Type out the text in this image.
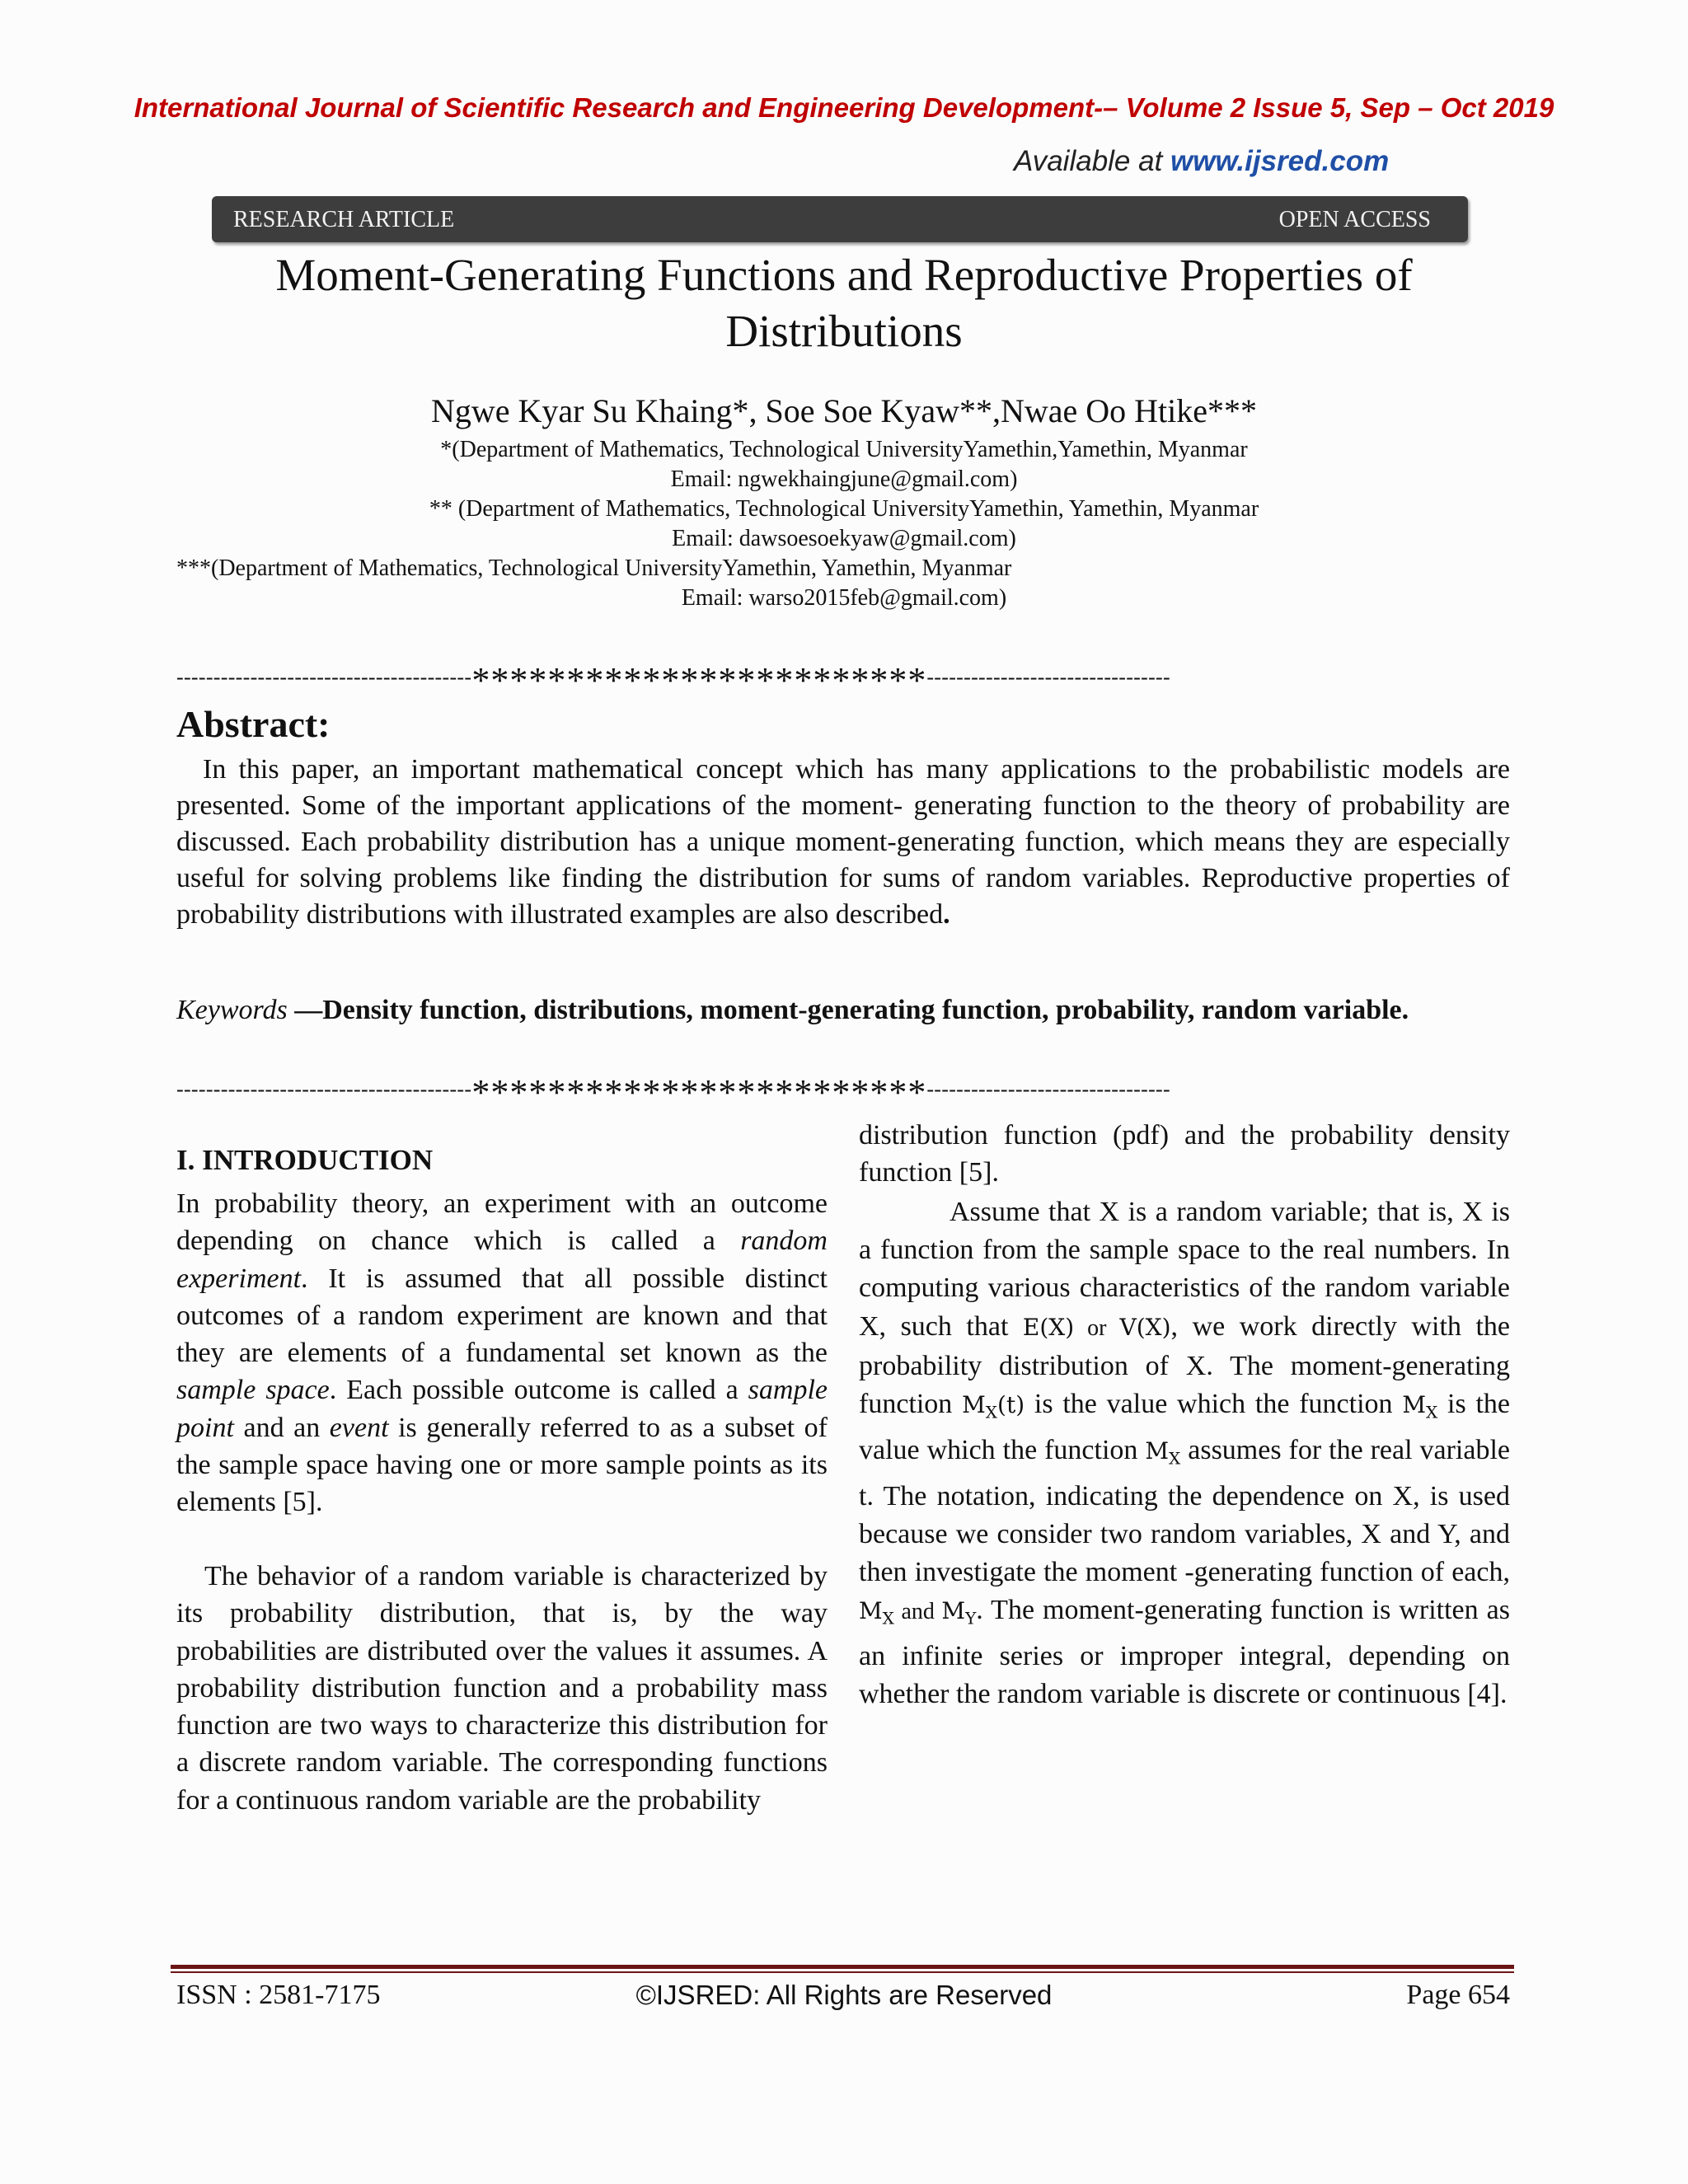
International Journal of Scientific Research and Engineering Development-– Volume 2 Issue 5, Sep – Oct 2019
Available at www.ijsred.com
RESEARCH ARTICLE	OPEN ACCESS
Moment-Generating Functions and Reproductive Properties of Distributions
Ngwe Kyar Su Khaing*, Soe Soe Kyaw**,Nwae Oo Htike***
*(Department of Mathematics, Technological UniversityYamethin,Yamethin, Myanmar
Email: ngwekhaingjune@gmail.com)
** (Department of Mathematics, Technological UniversityYamethin, Yamethin, Myanmar
Email: dawsoesoekyaw@gmail.com)
***(Department of Mathematics, Technological UniversityYamethin, Yamethin, Myanmar
Email: warso2015feb@gmail.com)
----------------------------------------************************---------------------------------
Abstract:
In this paper, an important mathematical concept which has many applications to the probabilistic models are presented. Some of the important applications of the moment- generating function to the theory of probability are discussed. Each probability distribution has a unique moment-generating function, which means they are especially useful for solving problems like finding the distribution for sums of random variables. Reproductive properties of probability distributions with illustrated examples are also described.
Keywords —Density function, distributions, moment-generating function, probability, random variable.
----------------------------------------************************---------------------------------
I. INTRODUCTION
In probability theory, an experiment with an outcome depending on chance which is called a random experiment. It is assumed that all possible distinct outcomes of a random experiment are known and that they are elements of a fundamental set known as the sample space. Each possible outcome is called a sample point and an event is generally referred to as a subset of the sample space having one or more sample points as its elements [5].
The behavior of a random variable is characterized by its probability distribution, that is, by the way probabilities are distributed over the values it assumes. A probability distribution function and a probability mass function are two ways to characterize this distribution for a discrete random variable. The corresponding functions for a continuous random variable are the probability
distribution function (pdf) and the probability density function [5].
Assume that X is a random variable; that is, X is a function from the sample space to the real numbers. In computing various characteristics of the random variable X, such that E(X) or V(X), we work directly with the probability distribution of X. The moment-generating function $M_X(t)$ is the value which the function $M_X$ is the value which the function $M_X$ assumes for the real variable t. The notation, indicating the dependence on X, is used because we consider two random variables, X and Y, and then investigate the moment -generating function of each, $M_X$ and $M_Y$. The moment-generating function is written as an infinite series or improper integral, depending on whether the random variable is discrete or continuous [4].
ISSN : 2581-7175	©IJSRED: All Rights are Reserved	Page 654
